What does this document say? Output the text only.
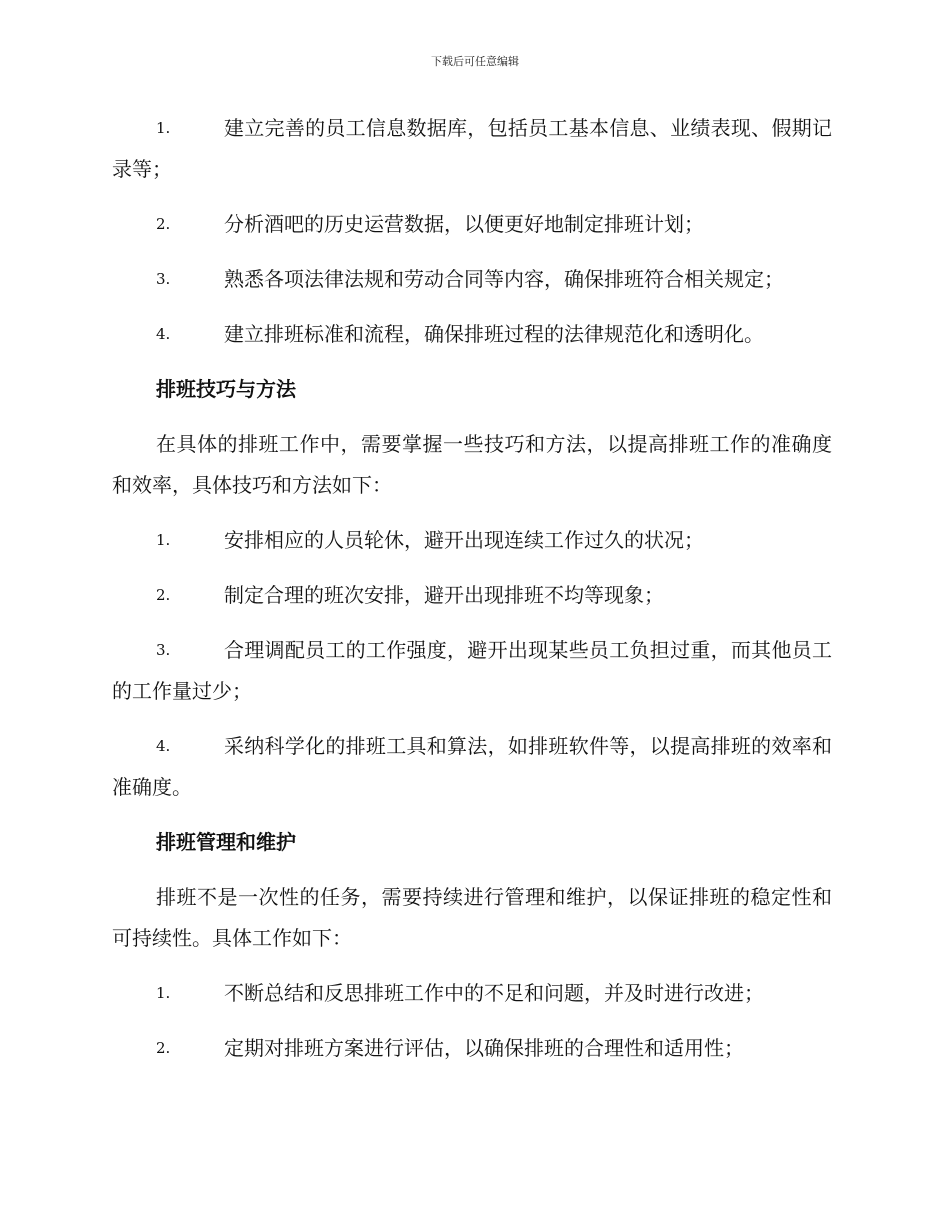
下载后可任意编辑
1.	建立完善的员工信息数据库，包括员工基本信息、业绩表现、假期记录等；
2.	分析酒吧的历史运营数据，以便更好地制定排班计划；
3.	熟悉各项法律法规和劳动合同等内容，确保排班符合相关规定；
4.	建立排班标准和流程，确保排班过程的法律规范化和透明化。
排班技巧与方法
在具体的排班工作中，需要掌握一些技巧和方法，以提高排班工作的准确度和效率，具体技巧和方法如下：
1.	安排相应的人员轮休，避开出现连续工作过久的状况；
2.	制定合理的班次安排，避开出现排班不均等现象；
3.	合理调配员工的工作强度，避开出现某些员工负担过重，而其他员工的工作量过少；
4.	采纳科学化的排班工具和算法，如排班软件等，以提高排班的效率和准确度。
排班管理和维护
排班不是一次性的任务，需要持续进行管理和维护，以保证排班的稳定性和可持续性。具体工作如下：
1.	不断总结和反思排班工作中的不足和问题，并及时进行改进；
2.	定期对排班方案进行评估，以确保排班的合理性和适用性；
